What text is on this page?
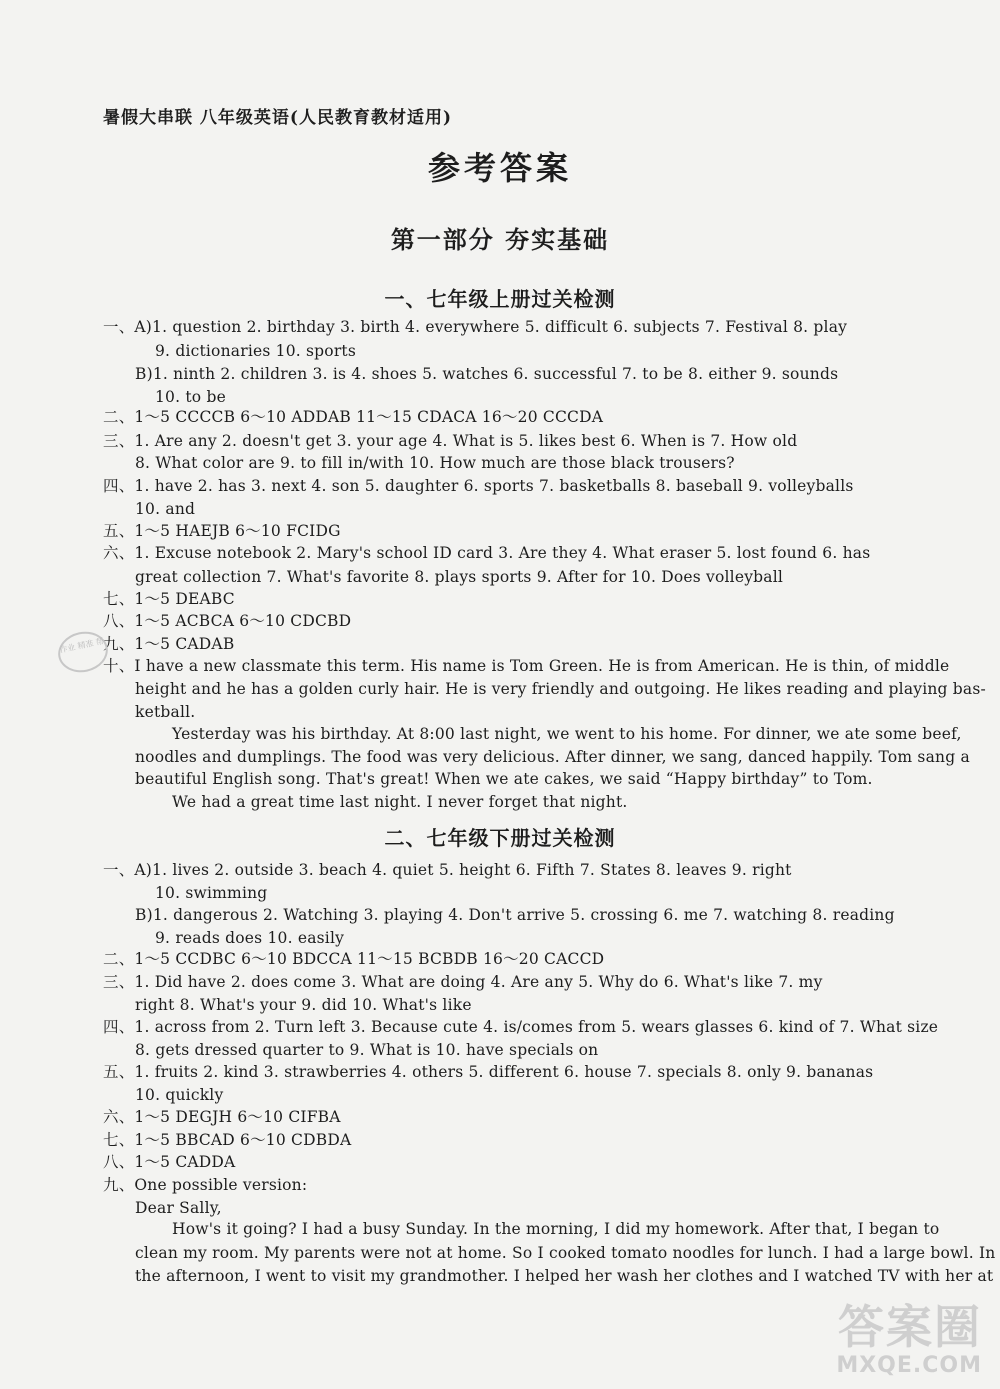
暑假大串联 八年级英语(人民教育教材适用)
参考答案
第一部分 夯实基础
一、七年级上册过关检测
一、A)1. question 2. birthday 3. birth 4. everywhere 5. difficult 6. subjects 7. Festival 8. play
9. dictionaries 10. sports
B)1. ninth 2. children 3. is 4. shoes 5. watches 6. successful 7. to be 8. either 9. sounds
10. to be
二、1～5 CCCCB 6～10 ADDAB 11～15 CDACA 16～20 CCCDA
三、1. Are any 2. doesn't get 3. your age 4. What is 5. likes best 6. When is 7. How old
8. What color are 9. to fill in/with 10. How much are those black trousers?
四、1. have 2. has 3. next 4. son 5. daughter 6. sports 7. basketballs 8. baseball 9. volleyballs
10. and
五、1～5 HAEJB 6～10 FCIDG
六、1. Excuse notebook 2. Mary's school ID card 3. Are they 4. What eraser 5. lost found 6. has
great collection 7. What's favorite 8. plays sports 9. After for 10. Does volleyball
七、1～5 DEABC
八、1～5 ACBCA 6～10 CDCBD
九、1～5 CADAB
十、I have a new classmate this term. His name is Tom Green. He is from American. He is thin, of middle
height and he has a golden curly hair. He is very friendly and outgoing. He likes reading and playing bas-
ketball.
Yesterday was his birthday. At 8:00 last night, we went to his home. For dinner, we ate some beef,
noodles and dumplings. The food was very delicious. After dinner, we sang, danced happily. Tom sang a
beautiful English song. That's great! When we ate cakes, we said “Happy birthday” to Tom.
We had a great time last night. I never forget that night.
二、七年级下册过关检测
一、A)1. lives 2. outside 3. beach 4. quiet 5. height 6. Fifth 7. States 8. leaves 9. right
10. swimming
B)1. dangerous 2. Watching 3. playing 4. Don't arrive 5. crossing 6. me 7. watching 8. reading
9. reads does 10. easily
二、1～5 CCDBC 6～10 BDCCA 11～15 BCBDB 16～20 CACCD
三、1. Did have 2. does come 3. What are doing 4. Are any 5. Why do 6. What's like 7. my
right 8. What's your 9. did 10. What's like
四、1. across from 2. Turn left 3. Because cute 4. is/comes from 5. wears glasses 6. kind of 7. What size
8. gets dressed quarter to 9. What is 10. have specials on
五、1. fruits 2. kind 3. strawberries 4. others 5. different 6. house 7. specials 8. only 9. bananas
10. quickly
六、1～5 DEGJH 6～10 CIFBA
七、1～5 BBCAD 6～10 CDBDA
八、1～5 CADDA
九、One possible version:
Dear Sally,
How's it going? I had a busy Sunday. In the morning, I did my homework. After that, I began to
clean my room. My parents were not at home. So I cooked tomato noodles for lunch. I had a large bowl. In
the afternoon, I went to visit my grandmother. I helped her wash her clothes and I watched TV with her at
作业 精准 帮
答案圈
MXQE.COM
